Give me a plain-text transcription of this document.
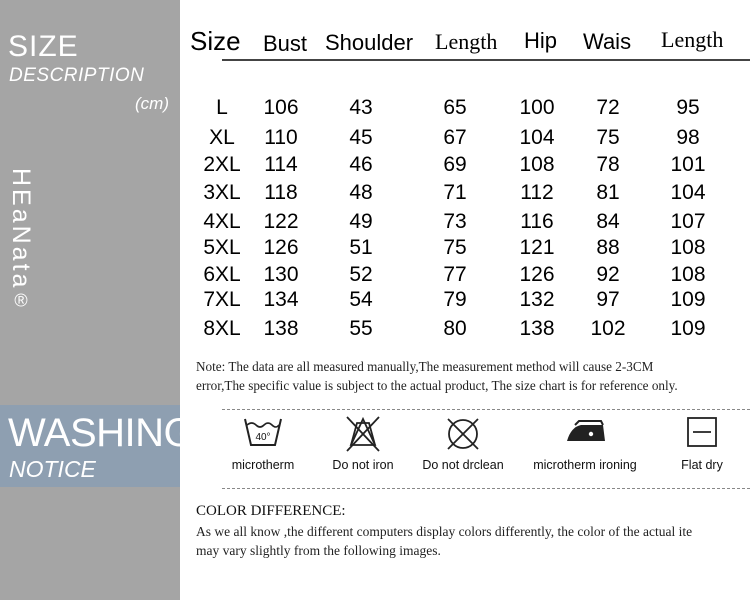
SIZE
DESCRIPTION
(cm)
HEaNata®
WASHING
NOTICE
Size Bust Shoulder Length Hip Wais Length
L	106	43	65	100	72	95
XL	110	45	67	104	75	98
2XL	114	46	69	108	78	101
3XL	118	48	71	112	81	104
4XL	122	49	73	116	84	107
5XL	126	51	75	121	88	108
6XL	130	52	77	126	92	108
7XL	134	54	79	132	97	109
8XL	138	55	80	138	102	109
Note: The data are all measured manually,The measurement method will cause 2-3CM
error,The specific value is subject to the actual product, The size chart is for reference only.
40°
microtherm	Do not iron	Do not drclean	microtherm ironing	Flat dry
COLOR DIFFERENCE:
As we all know ,the different computers display colors differently, the color of the actual ite
may vary slightly from the following images.
